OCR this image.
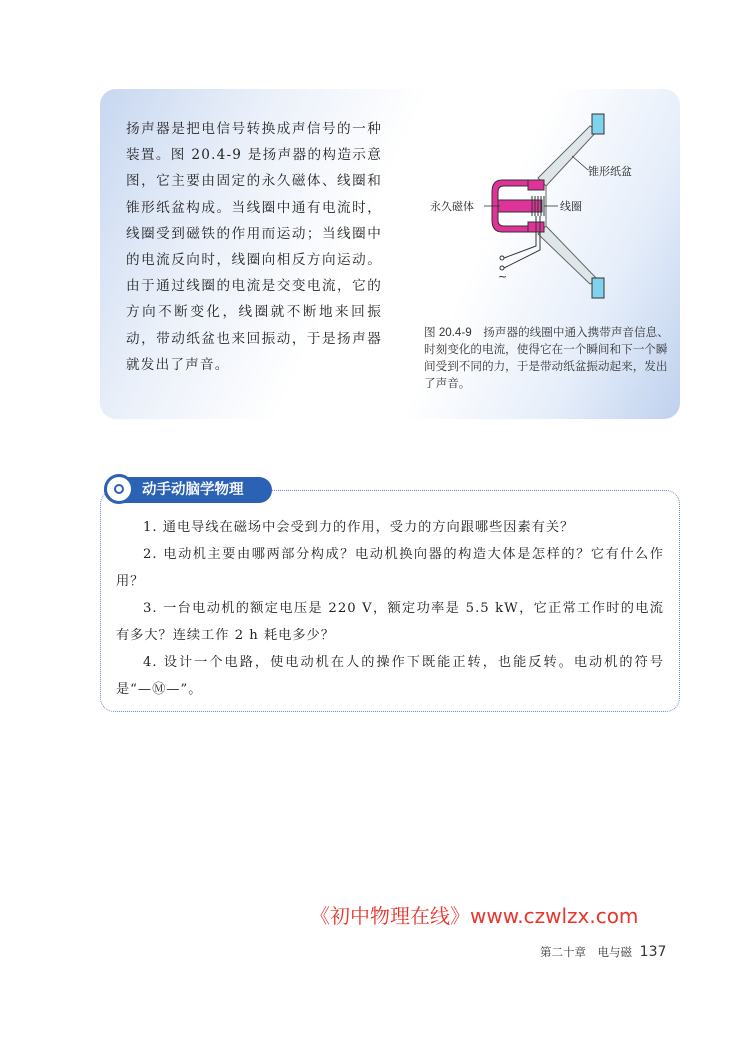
扬声器是把电信号转换成声信号的一种装置。图 20.4-9 是扬声器的构造示意图，它主要由固定的永久磁体、线圈和锥形纸盆构成。当线圈中通有电流时，线圈受到磁铁的作用而运动；当线圈中的电流反向时，线圈向相反方向运动。由于通过线圈的电流是交变电流，它的方向不断变化，线圈就不断地来回振动，带动纸盆也来回振动，于是扬声器就发出了声音。

~
锥形纸盆
永久磁体	线圈

图 20.4-9　扬声器的线圈中通入携带声音信息、时刻变化的电流，使得它在一个瞬间和下一个瞬间受到不同的力，于是带动纸盆振动起来，发出了声音。

动手动脑学物理

1. 通电导线在磁场中会受到力的作用，受力的方向跟哪些因素有关？

2. 电动机主要由哪两部分构成？电动机换向器的构造大体是怎样的？它有什么作用？

3. 一台电动机的额定电压是 220 V，额定功率是 5.5 kW，它正常工作时的电流有多大？连续工作 2 h 耗电多少？

4. 设计一个电路，使电动机在人的操作下既能正转，也能反转。电动机的符号是“—Ⓜ—”。

《初中物理在线》www.czwlzx.com

第二十章　电与磁 137
